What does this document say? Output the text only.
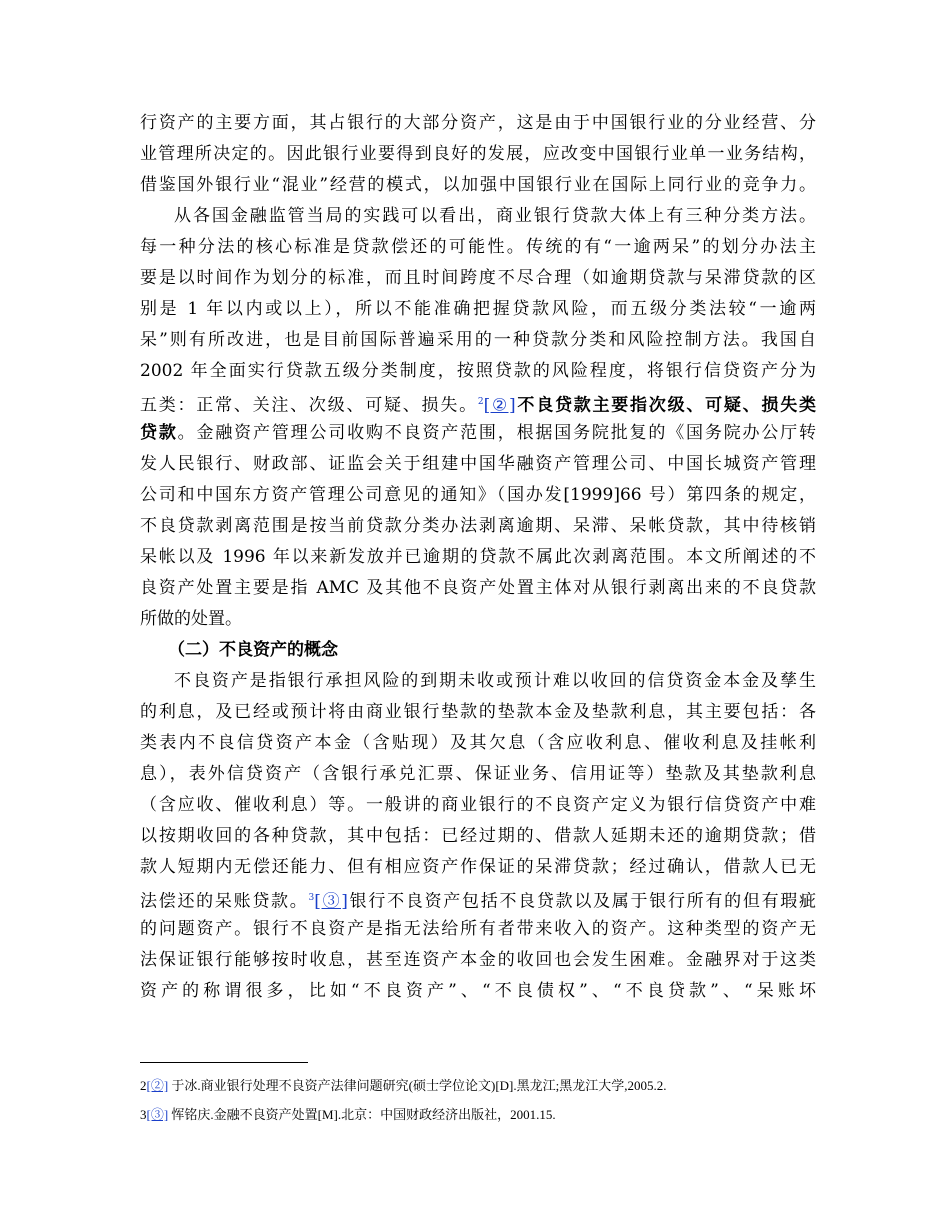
行资产的主要方面，其占银行的大部分资产，这是由于中国银行业的分业经营、分
业管理所决定的。因此银行业要得到良好的发展，应改变中国银行业单一业务结构，
借鉴国外银行业“混业”经营的模式，以加强中国银行业在国际上同行业的竞争力。
从各国金融监管当局的实践可以看出，商业银行贷款大体上有三种分类方法。
每一种分法的核心标准是贷款偿还的可能性。传统的有“一逾两呆”的划分办法主
要是以时间作为划分的标准，而且时间跨度不尽合理（如逾期贷款与呆滞贷款的区
别是 1 年以内或以上），所以不能准确把握贷款风险，而五级分类法较“一逾两
呆”则有所改进，也是目前国际普遍采用的一种贷款分类和风险控制方法。我国自
2002 年全面实行贷款五级分类制度，按照贷款的风险程度，将银行信贷资产分为
五类：正常、关注、次级、可疑、损失。$^2$[②]不良贷款主要指次级、可疑、损失类
贷款。金融资产管理公司收购不良资产范围，根据国务院批复的《国务院办公厅转
发人民银行、财政部、证监会关于组建中国华融资产管理公司、中国长城资产管理
公司和中国东方资产管理公司意见的通知》（国办发[1999]66 号）第四条的规定，
不良贷款剥离范围是按当前贷款分类办法剥离逾期、呆滞、呆帐贷款，其中待核销
呆帐以及 1996 年以来新发放并已逾期的贷款不属此次剥离范围。本文所阐述的不
良资产处置主要是指 AMC 及其他不良资产处置主体对从银行剥离出来的不良贷款
所做的处置。
（二）不良资产的概念
不良资产是指银行承担风险的到期未收或预计难以收回的信贷资金本金及孳生
的利息，及已经或预计将由商业银行垫款的垫款本金及垫款利息，其主要包括：各
类表内不良信贷资产本金（含贴现）及其欠息（含应收利息、催收利息及挂帐利
息），表外信贷资产（含银行承兑汇票、保证业务、信用证等）垫款及其垫款利息
（含应收、催收利息）等。一般讲的商业银行的不良资产定义为银行信贷资产中难
以按期收回的各种贷款，其中包括：已经过期的、借款人延期未还的逾期贷款；借
款人短期内无偿还能力、但有相应资产作保证的呆滞贷款；经过确认，借款人已无
法偿还的呆账贷款。$^3$[③]银行不良资产包括不良贷款以及属于银行所有的但有瑕疵
的问题资产。银行不良资产是指无法给所有者带来收入的资产。这种类型的资产无
法保证银行能够按时收息，甚至连资产本金的收回也会发生困难。金融界对于这类
资产的称谓很多，比如“不良资产”、“不良债权”、“不良贷款”、“呆账坏
2[②] 于冰.商业银行处理不良资产法律问题研究(硕士学位论文)[D].黑龙江;黑龙江大学,2005.2.
3[③] 恽铭庆.金融不良资产处置[M].北京：中国财政经济出版社，2001.15.
